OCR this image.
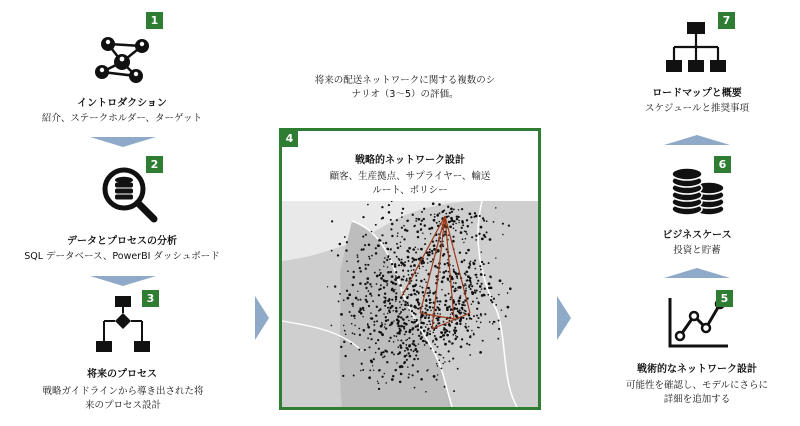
1
イントロダクション
紹介、ステークホルダー、ターゲット
2
データとプロセスの分析
SQL データベース、PowerBI ダッシュボード
3
将来のプロセス
戦略ガイドラインから導き出された将
来のプロセス設計
将来の配送ネットワークに関する複数のシ
ナリオ（3〜5）の評価。
4
戦略的ネットワーク設計
顧客、生産拠点、サプライヤー、輸送
ルート、ポリシー
7
ロードマップと概要
スケジュールと推奨事項
6
ビジネスケース
投資と貯蓄
5
戦術的なネットワーク設計
可能性を確認し、モデルにさらに
詳細を追加する
